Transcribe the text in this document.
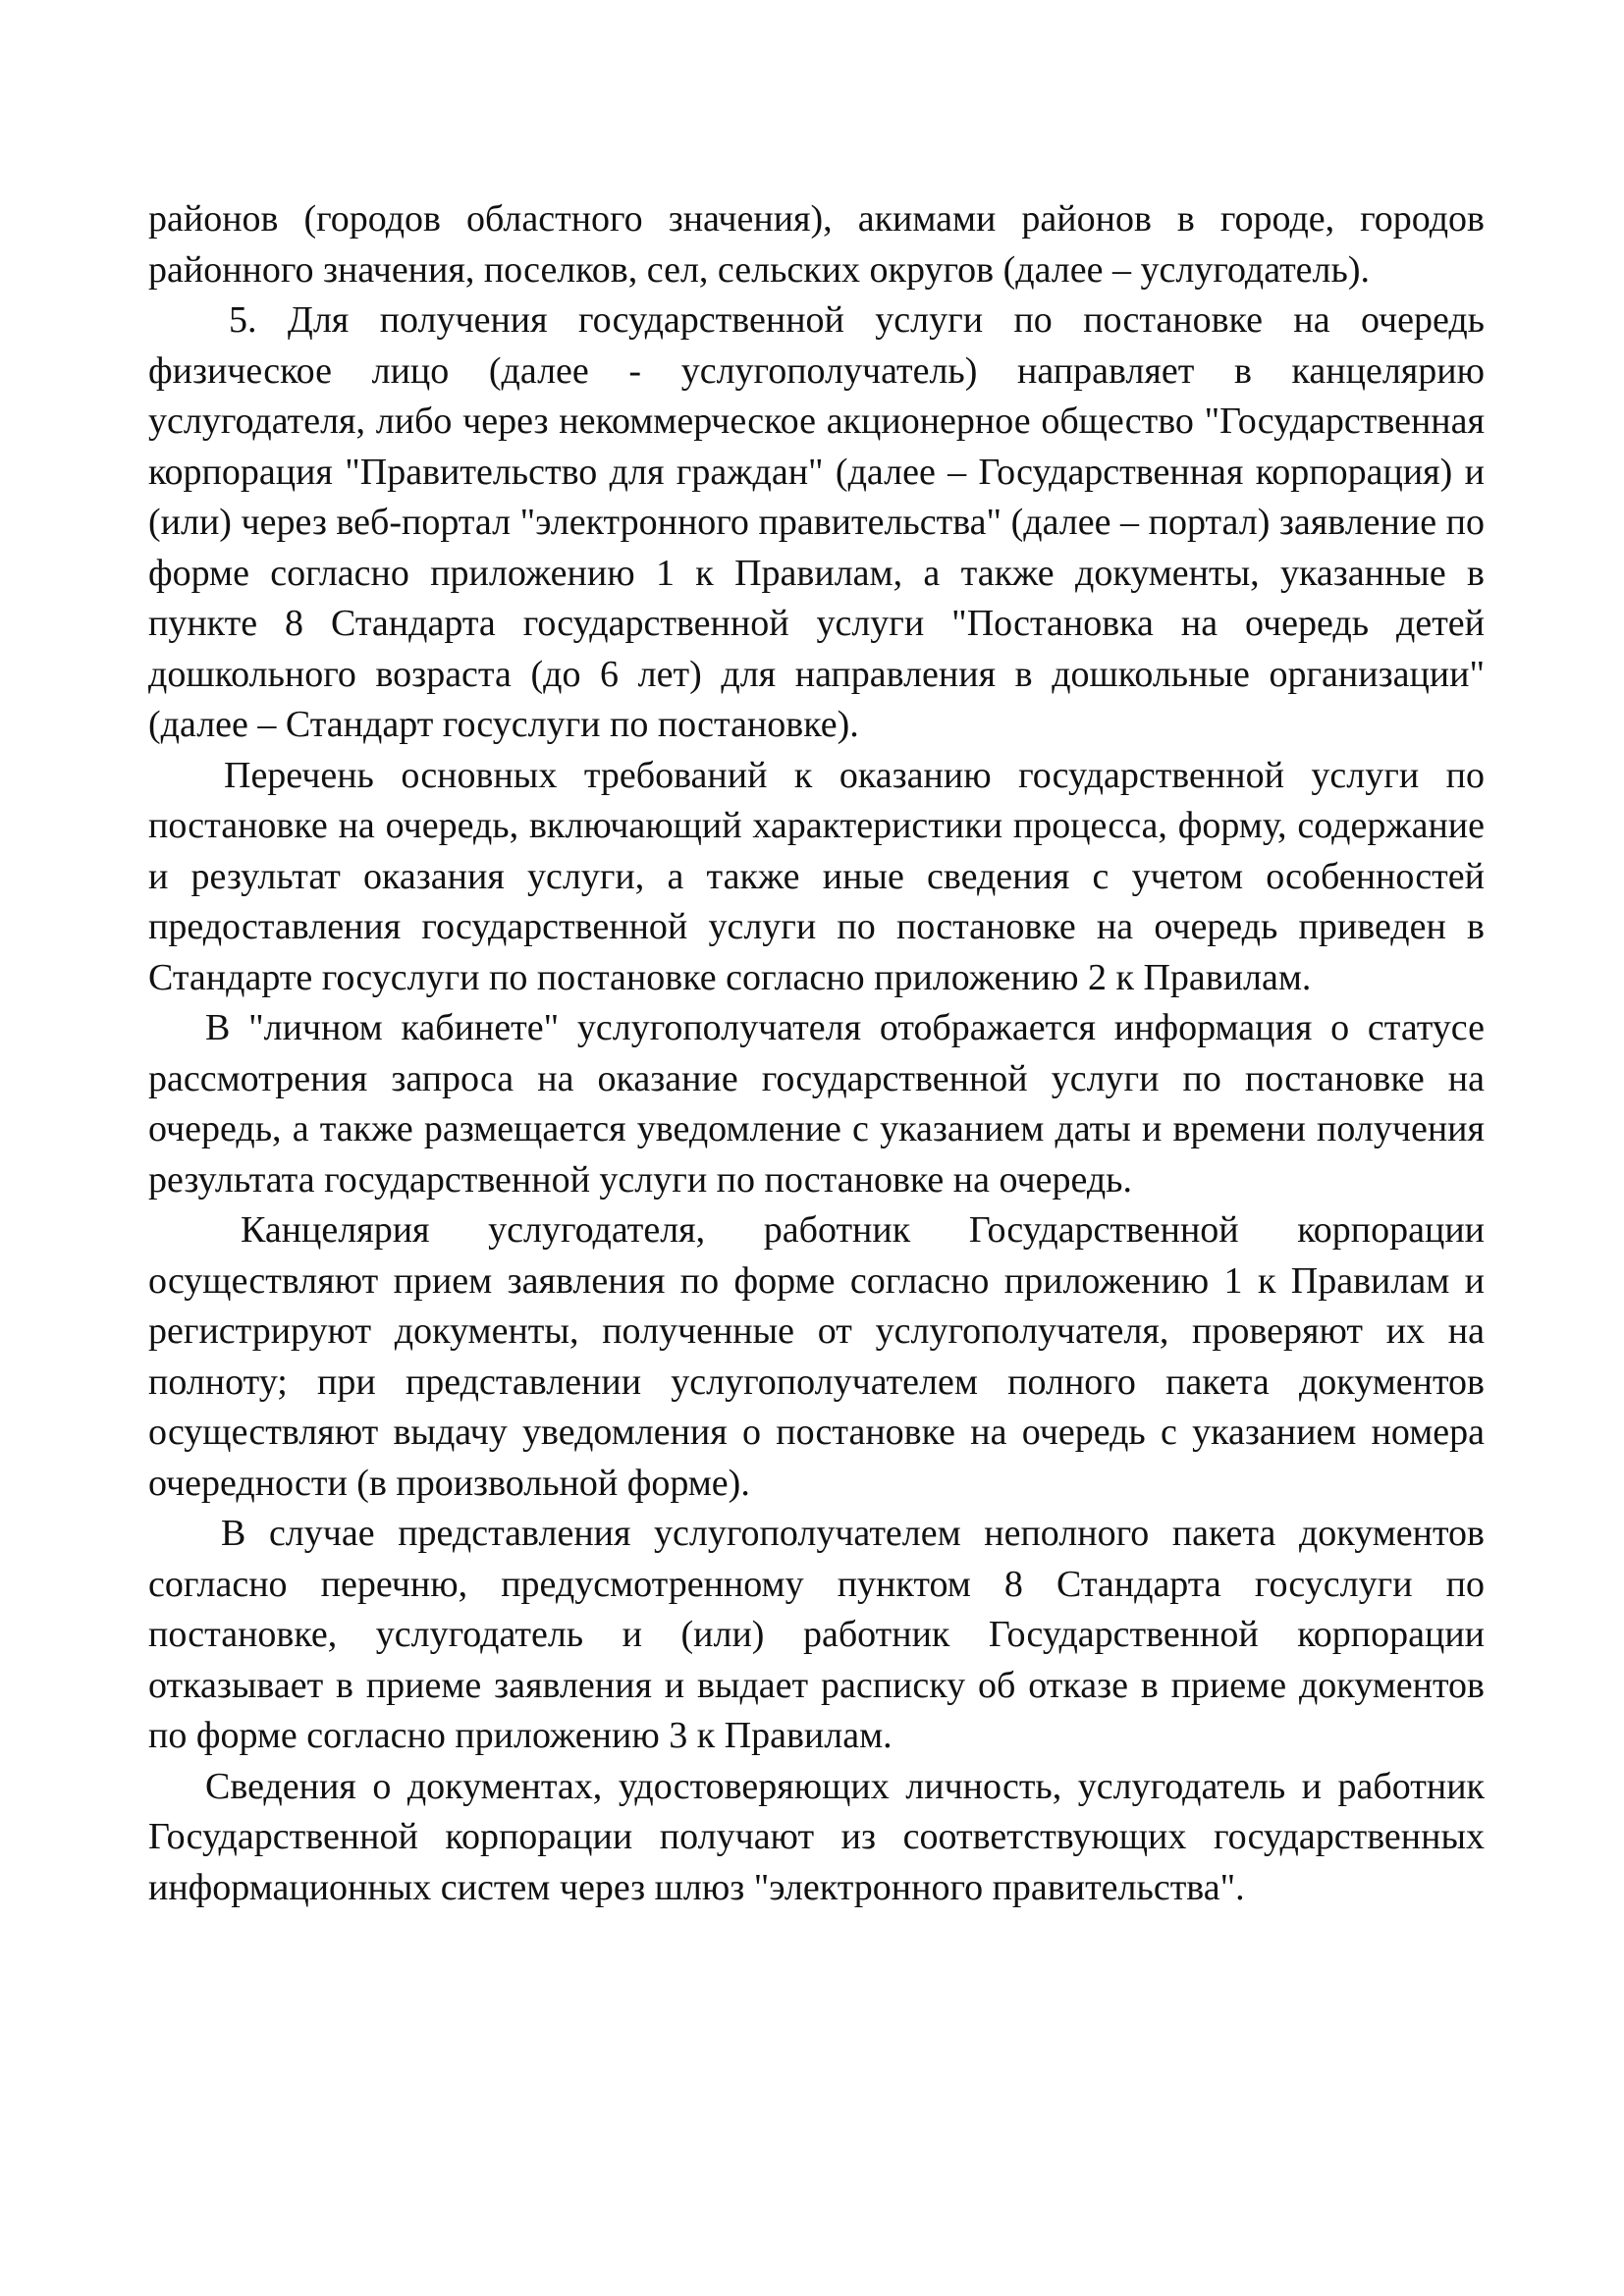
районов (городов областного значения), акимами районов в городе, городов районного значения, поселков, сел, сельских округов (далее – услугодатель).

5. Для получения государственной услуги по постановке на очередь физическое лицо (далее - услугополучатель) направляет в канцелярию услугодателя, либо через некоммерческое акционерное общество "Государственная корпорация "Правительство для граждан" (далее – Государственная корпорация) и (или) через веб-портал "электронного правительства" (далее – портал) заявление по форме согласно приложению 1 к Правилам, а также документы, указанные в пункте 8 Стандарта государственной услуги "Постановка на очередь детей дошкольного возраста (до 6 лет) для направления в дошкольные организации" (далее – Стандарт госуслуги по постановке).

Перечень основных требований к оказанию государственной услуги по постановке на очередь, включающий характеристики процесса, форму, содержание и результат оказания услуги, а также иные сведения с учетом особенностей предоставления государственной услуги по постановке на очередь приведен в Стандарте госуслуги по постановке согласно приложению 2 к Правилам.

В "личном кабинете" услугополучателя отображается информация о статусе рассмотрения запроса на оказание государственной услуги по постановке на очередь, а также размещается уведомление с указанием даты и времени получения результата государственной услуги по постановке на очередь.

Канцелярия услугодателя, работник Государственной корпорации осуществляют прием заявления по форме согласно приложению 1 к Правилам и регистрируют документы, полученные от услугополучателя, проверяют их на полноту; при представлении услугополучателем полного пакета документов осуществляют выдачу уведомления о постановке на очередь с указанием номера очередности (в произвольной форме).

В случае представления услугополучателем неполного пакета документов согласно перечню, предусмотренному пунктом 8 Стандарта госуслуги по постановке, услугодатель и (или) работник Государственной корпорации отказывает в приеме заявления и выдает расписку об отказе в приеме документов по форме согласно приложению 3 к Правилам.

Сведения о документах, удостоверяющих личность, услугодатель и работник Государственной корпорации получают из соответствующих государственных информационных систем через шлюз "электронного правительства".
